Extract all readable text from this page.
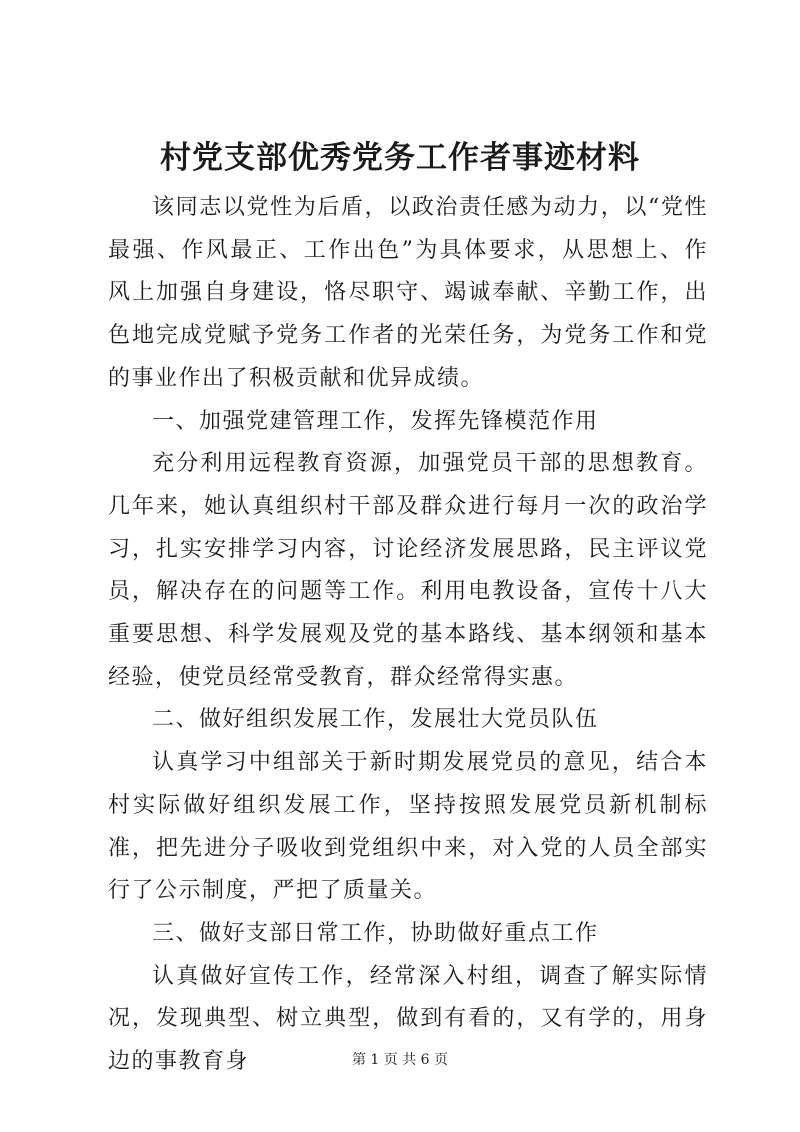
村党支部优秀党务工作者事迹材料

该同志以党性为后盾，以政治责任感为动力，以“党性最强、作风最正、工作出色”为具体要求，从思想上、作风上加强自身建设，恪尽职守、竭诚奉献、辛勤工作，出色地完成党赋予党务工作者的光荣任务，为党务工作和党的事业作出了积极贡献和优异成绩。

一、加强党建管理工作，发挥先锋模范作用

充分利用远程教育资源，加强党员干部的思想教育。几年来，她认真组织村干部及群众进行每月一次的政治学习，扎实安排学习内容，讨论经济发展思路，民主评议党员，解决存在的问题等工作。利用电教设备，宣传十八大重要思想、科学发展观及党的基本路线、基本纲领和基本经验，使党员经常受教育，群众经常得实惠。

二、做好组织发展工作，发展壮大党员队伍

认真学习中组部关于新时期发展党员的意见，结合本村实际做好组织发展工作，坚持按照发展党员新机制标准，把先进分子吸收到党组织中来，对入党的人员全部实行了公示制度，严把了质量关。

三、做好支部日常工作，协助做好重点工作

认真做好宣传工作，经常深入村组，调查了解实际情况，发现典型、树立典型，做到有看的，又有学的，用身边的事教育身	第 1 页 共 6 页
